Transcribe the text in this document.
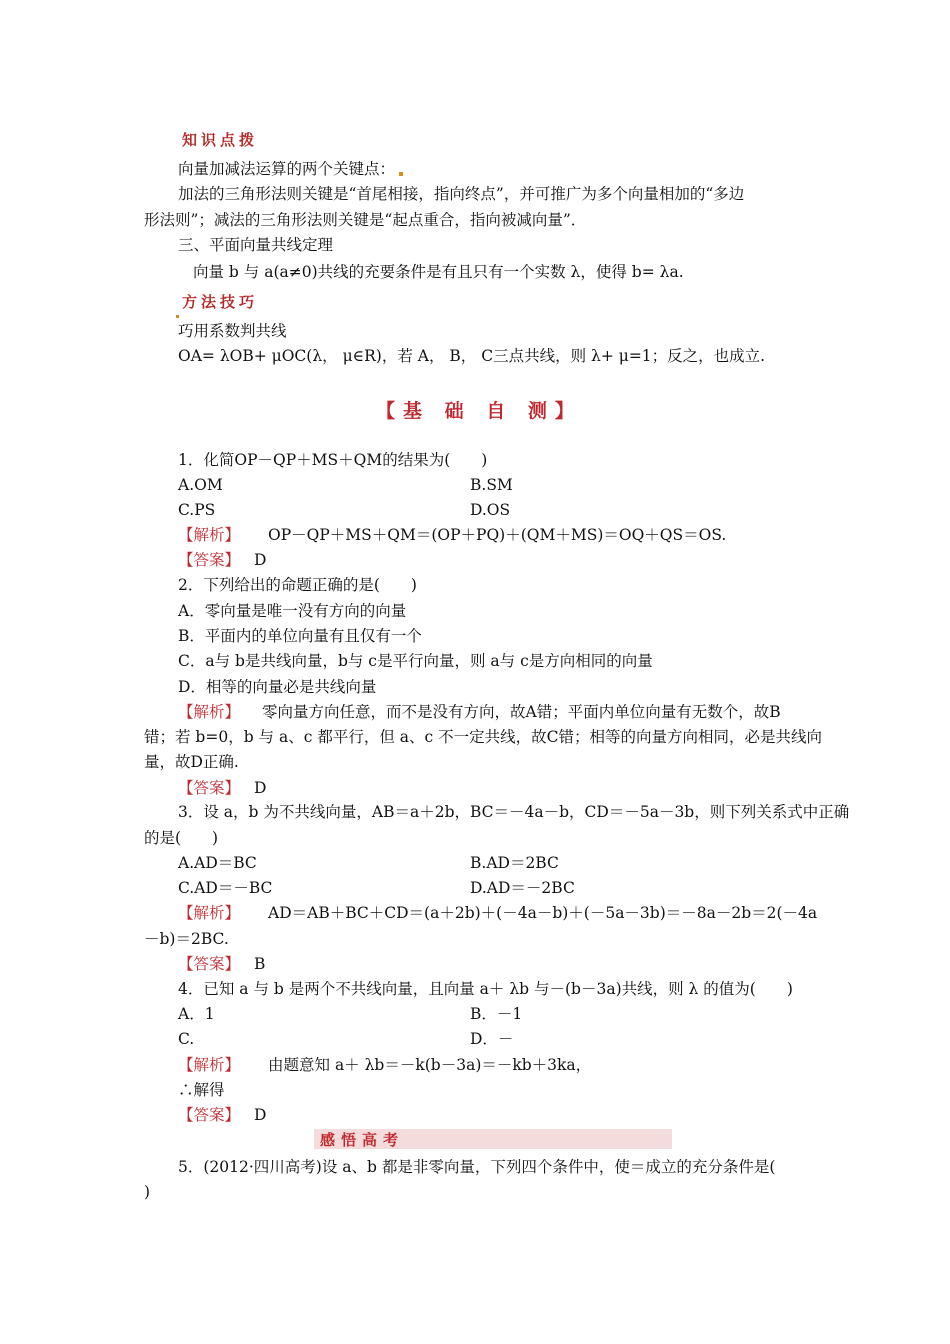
知识点拨
向量加减法运算的两个关键点：
加法的三角形法则关键是“首尾相接，指向终点”，并可推广为多个向量相加的“多边
形法则”；减法的三角形法则关键是“起点重合，指向被减向量”．
三、平面向量共线定理
向量 b 与 a(a≠0)共线的充要条件是有且只有一个实数 λ，使得 b= λa.
方法技巧
巧用系数判共线
OA= λOB+ μOC(λ， μ∈R)，若 A， B， C三点共线，则 λ+ μ=1；反之，也成立.
【基 础 自 测】
1．化简OP－QP＋MS＋QM的结果为(　　)
A.OM	B.SM
C.PS	D.OS
【解析】 OP－QP＋MS＋QM＝(OP＋PQ)＋(QM＋MS)＝OQ＋QS＝OS.
【答案】 D
2．下列给出的命题正确的是(　　)
A．零向量是唯一没有方向的向量
B．平面内的单位向量有且仅有一个
C．a与 b是共线向量，b与 c是平行向量，则 a与 c是方向相同的向量
D．相等的向量必是共线向量
【解析】 零向量方向任意，而不是没有方向，故A错；平面内单位向量有无数个，故B
错；若 b=0，b 与 a、c 都平行，但 a、c 不一定共线，故C错；相等的向量方向相同，必是共线向
量，故D正确.
【答案】 D
3．设 a，b 为不共线向量，AB＝a＋2b，BC＝－4a－b，CD＝－5a－3b，则下列关系式中正确
的是(　　)
A.AD＝BC	B.AD＝2BC
C.AD＝－BC	D.AD＝－2BC
【解析】 AD＝AB＋BC＋CD＝(a＋2b)＋(－4a－b)＋(－5a－3b)＝－8a－2b＝2(－4a
－b)＝2BC.
【答案】 B
4．已知 a 与 b 是两个不共线向量，且向量 a＋ λb 与－(b－3a)共线，则 λ 的值为(　　)
A．1	B．－1
C.	D．－
【解析】 由题意知 a＋ λb＝－k(b－3a)＝－kb＋3ka，
∴解得
【答案】 D
感悟高考
5．(2012·四川高考)设 a、b 都是非零向量，下列四个条件中，使＝成立的充分条件是(
)
